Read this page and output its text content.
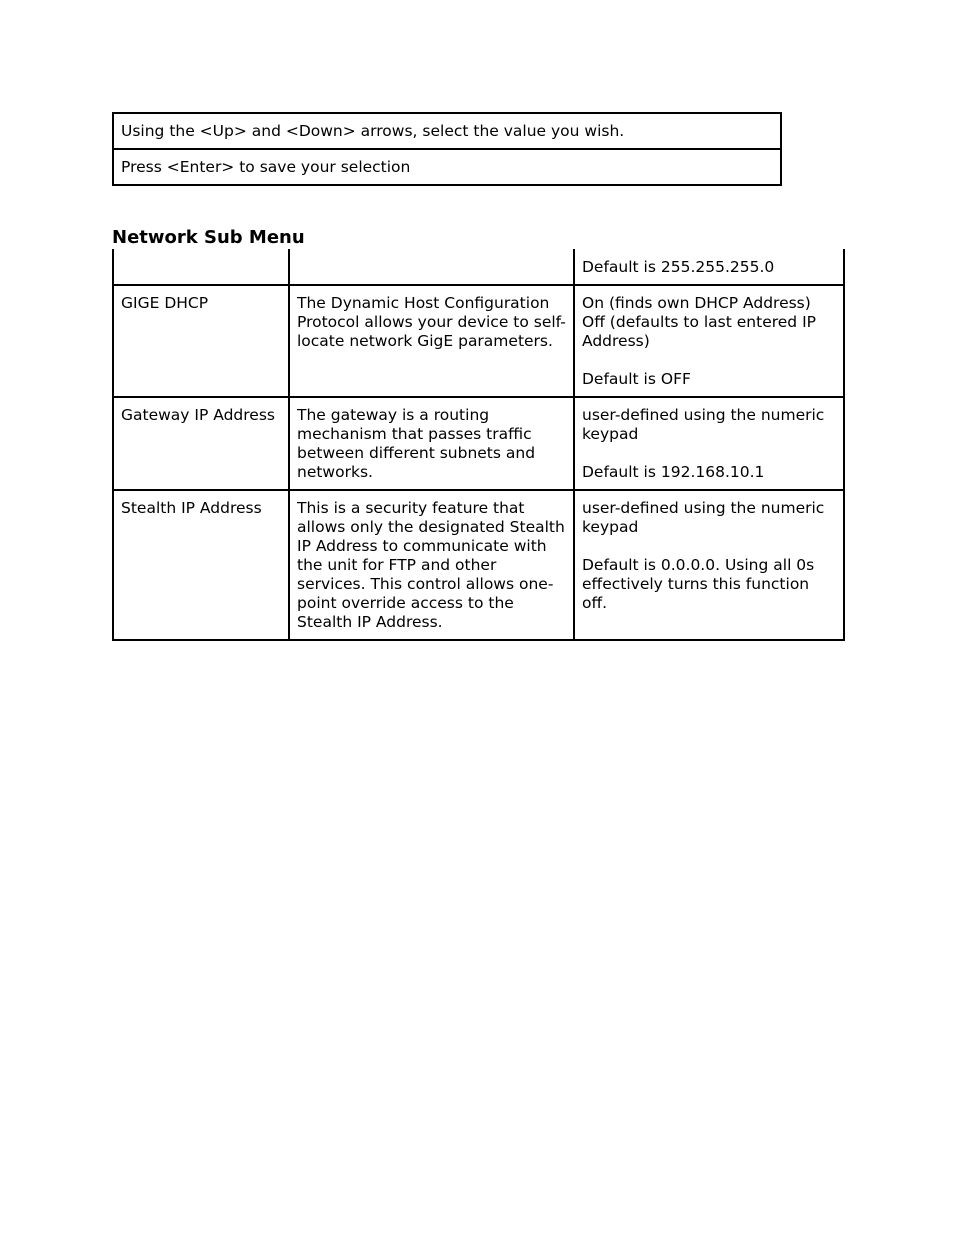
Using the <Up> and <Down> arrows, select the value you wish.
Press <Enter> to save your selection
Network Sub Menu

		Default is 255.255.255.0

GIGE DHCP	The Dynamic Host Configuration Protocol allows your device to self-locate network GigE parameters.	On (finds own DHCP Address)
Off (defaults to last entered IP Address)
Default is OFF

Gateway IP Address	The gateway is a routing mechanism that passes traffic between different subnets and networks.	user-defined using the numeric keypad
Default is 192.168.10.1

Stealth IP Address	This is a security feature that allows only the designated Stealth IP Address to communicate with the unit for FTP and other services. This control allows one-point override access to the Stealth IP Address.	user-defined using the numeric keypad
Default is 0.0.0.0. Using all 0s effectively turns this function off.
